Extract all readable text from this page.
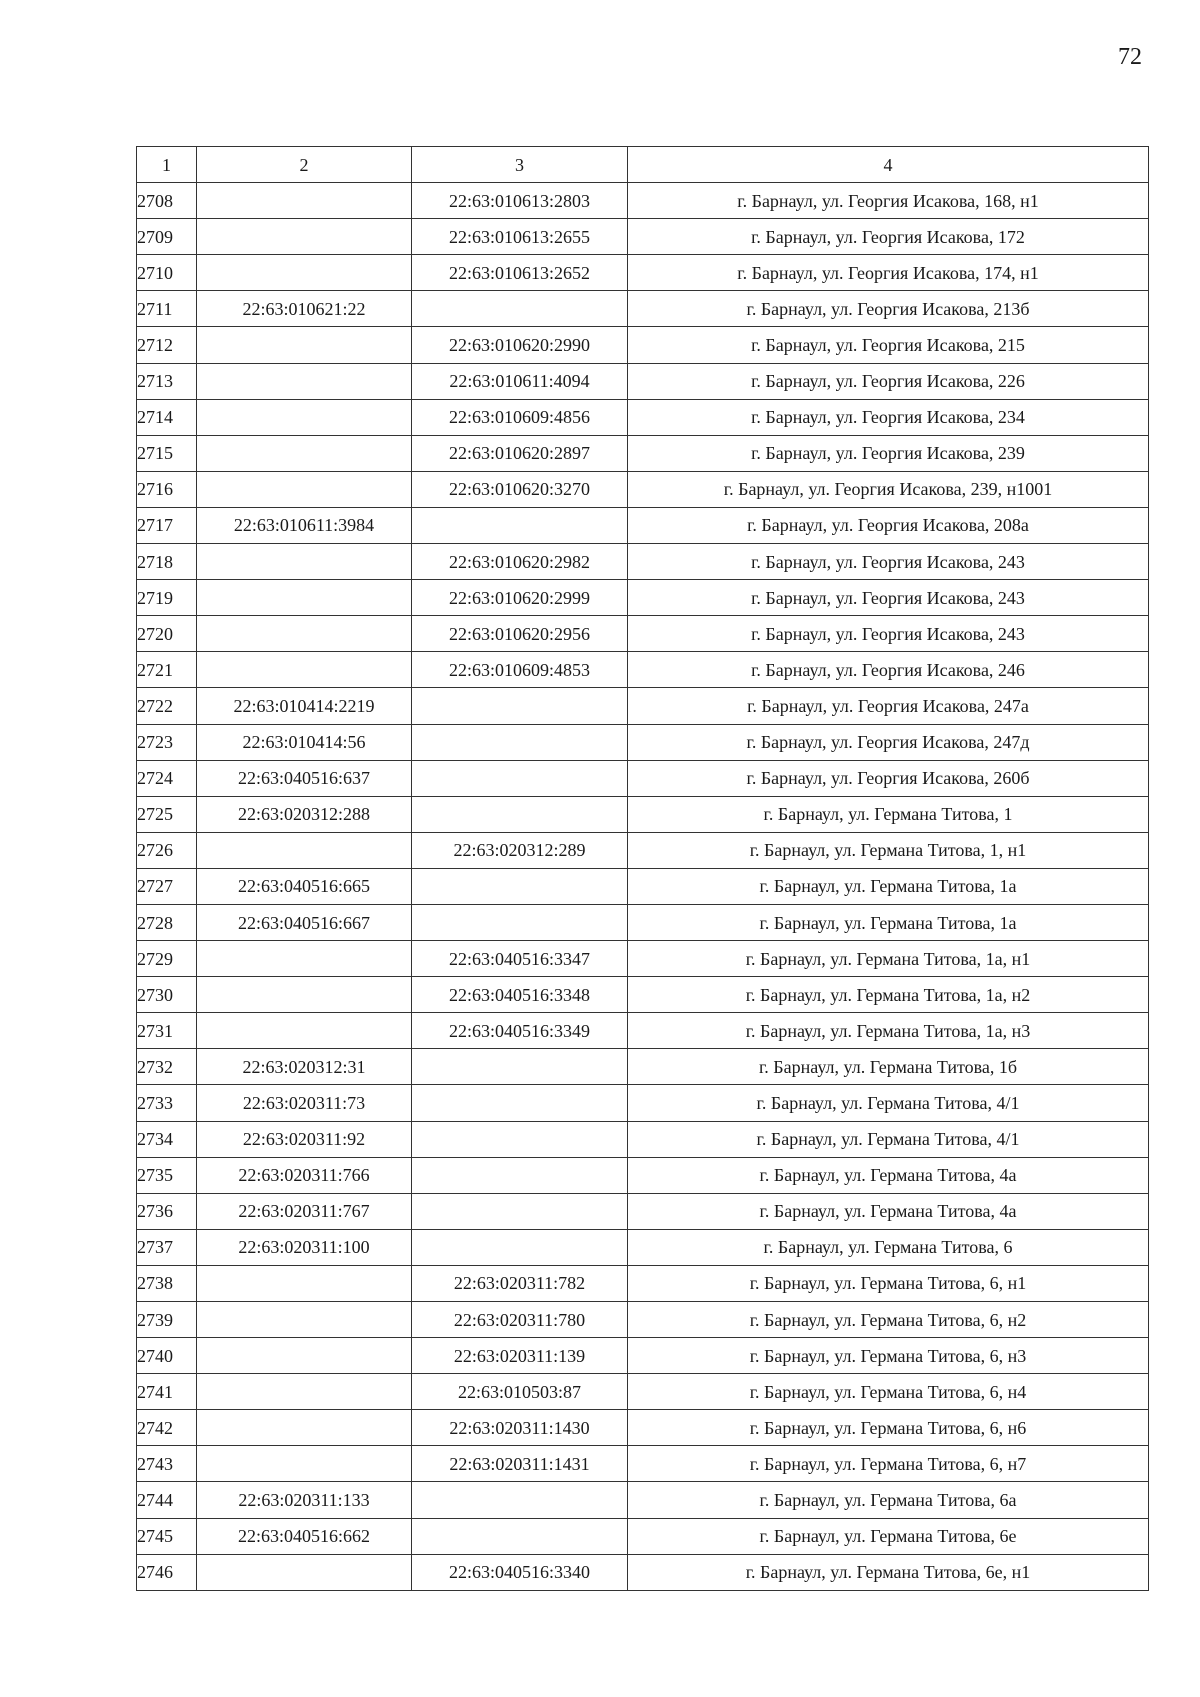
72
1	2	3	4
2708		22:63:010613:2803	г. Барнаул, ул. Георгия Исакова, 168, н1
2709		22:63:010613:2655	г. Барнаул, ул. Георгия Исакова, 172
2710		22:63:010613:2652	г. Барнаул, ул. Георгия Исакова, 174, н1
2711	22:63:010621:22		г. Барнаул, ул. Георгия Исакова, 213б
2712		22:63:010620:2990	г. Барнаул, ул. Георгия Исакова, 215
2713		22:63:010611:4094	г. Барнаул, ул. Георгия Исакова, 226
2714		22:63:010609:4856	г. Барнаул, ул. Георгия Исакова, 234
2715		22:63:010620:2897	г. Барнаул, ул. Георгия Исакова, 239
2716		22:63:010620:3270	г. Барнаул, ул. Георгия Исакова, 239, н1001
2717	22:63:010611:3984		г. Барнаул, ул. Георгия Исакова, 208а
2718		22:63:010620:2982	г. Барнаул, ул. Георгия Исакова, 243
2719		22:63:010620:2999	г. Барнаул, ул. Георгия Исакова, 243
2720		22:63:010620:2956	г. Барнаул, ул. Георгия Исакова, 243
2721		22:63:010609:4853	г. Барнаул, ул. Георгия Исакова, 246
2722	22:63:010414:2219		г. Барнаул, ул. Георгия Исакова, 247а
2723	22:63:010414:56		г. Барнаул, ул. Георгия Исакова, 247д
2724	22:63:040516:637		г. Барнаул, ул. Георгия Исакова, 260б
2725	22:63:020312:288		г. Барнаул, ул. Германа Титова, 1
2726		22:63:020312:289	г. Барнаул, ул. Германа Титова, 1, н1
2727	22:63:040516:665		г. Барнаул, ул. Германа Титова, 1а
2728	22:63:040516:667		г. Барнаул, ул. Германа Титова, 1а
2729		22:63:040516:3347	г. Барнаул, ул. Германа Титова, 1а, н1
2730		22:63:040516:3348	г. Барнаул, ул. Германа Титова, 1а, н2
2731		22:63:040516:3349	г. Барнаул, ул. Германа Титова, 1а, н3
2732	22:63:020312:31		г. Барнаул, ул. Германа Титова, 1б
2733	22:63:020311:73		г. Барнаул, ул. Германа Титова, 4/1
2734	22:63:020311:92		г. Барнаул, ул. Германа Титова, 4/1
2735	22:63:020311:766		г. Барнаул, ул. Германа Титова, 4а
2736	22:63:020311:767		г. Барнаул, ул. Германа Титова, 4а
2737	22:63:020311:100		г. Барнаул, ул. Германа Титова, 6
2738		22:63:020311:782	г. Барнаул, ул. Германа Титова, 6, н1
2739		22:63:020311:780	г. Барнаул, ул. Германа Титова, 6, н2
2740		22:63:020311:139	г. Барнаул, ул. Германа Титова, 6, н3
2741		22:63:010503:87	г. Барнаул, ул. Германа Титова, 6, н4
2742		22:63:020311:1430	г. Барнаул, ул. Германа Титова, 6, н6
2743		22:63:020311:1431	г. Барнаул, ул. Германа Титова, 6, н7
2744	22:63:020311:133		г. Барнаул, ул. Германа Титова, 6а
2745	22:63:040516:662		г. Барнаул, ул. Германа Титова, 6е
2746		22:63:040516:3340	г. Барнаул, ул. Германа Титова, 6е, н1
